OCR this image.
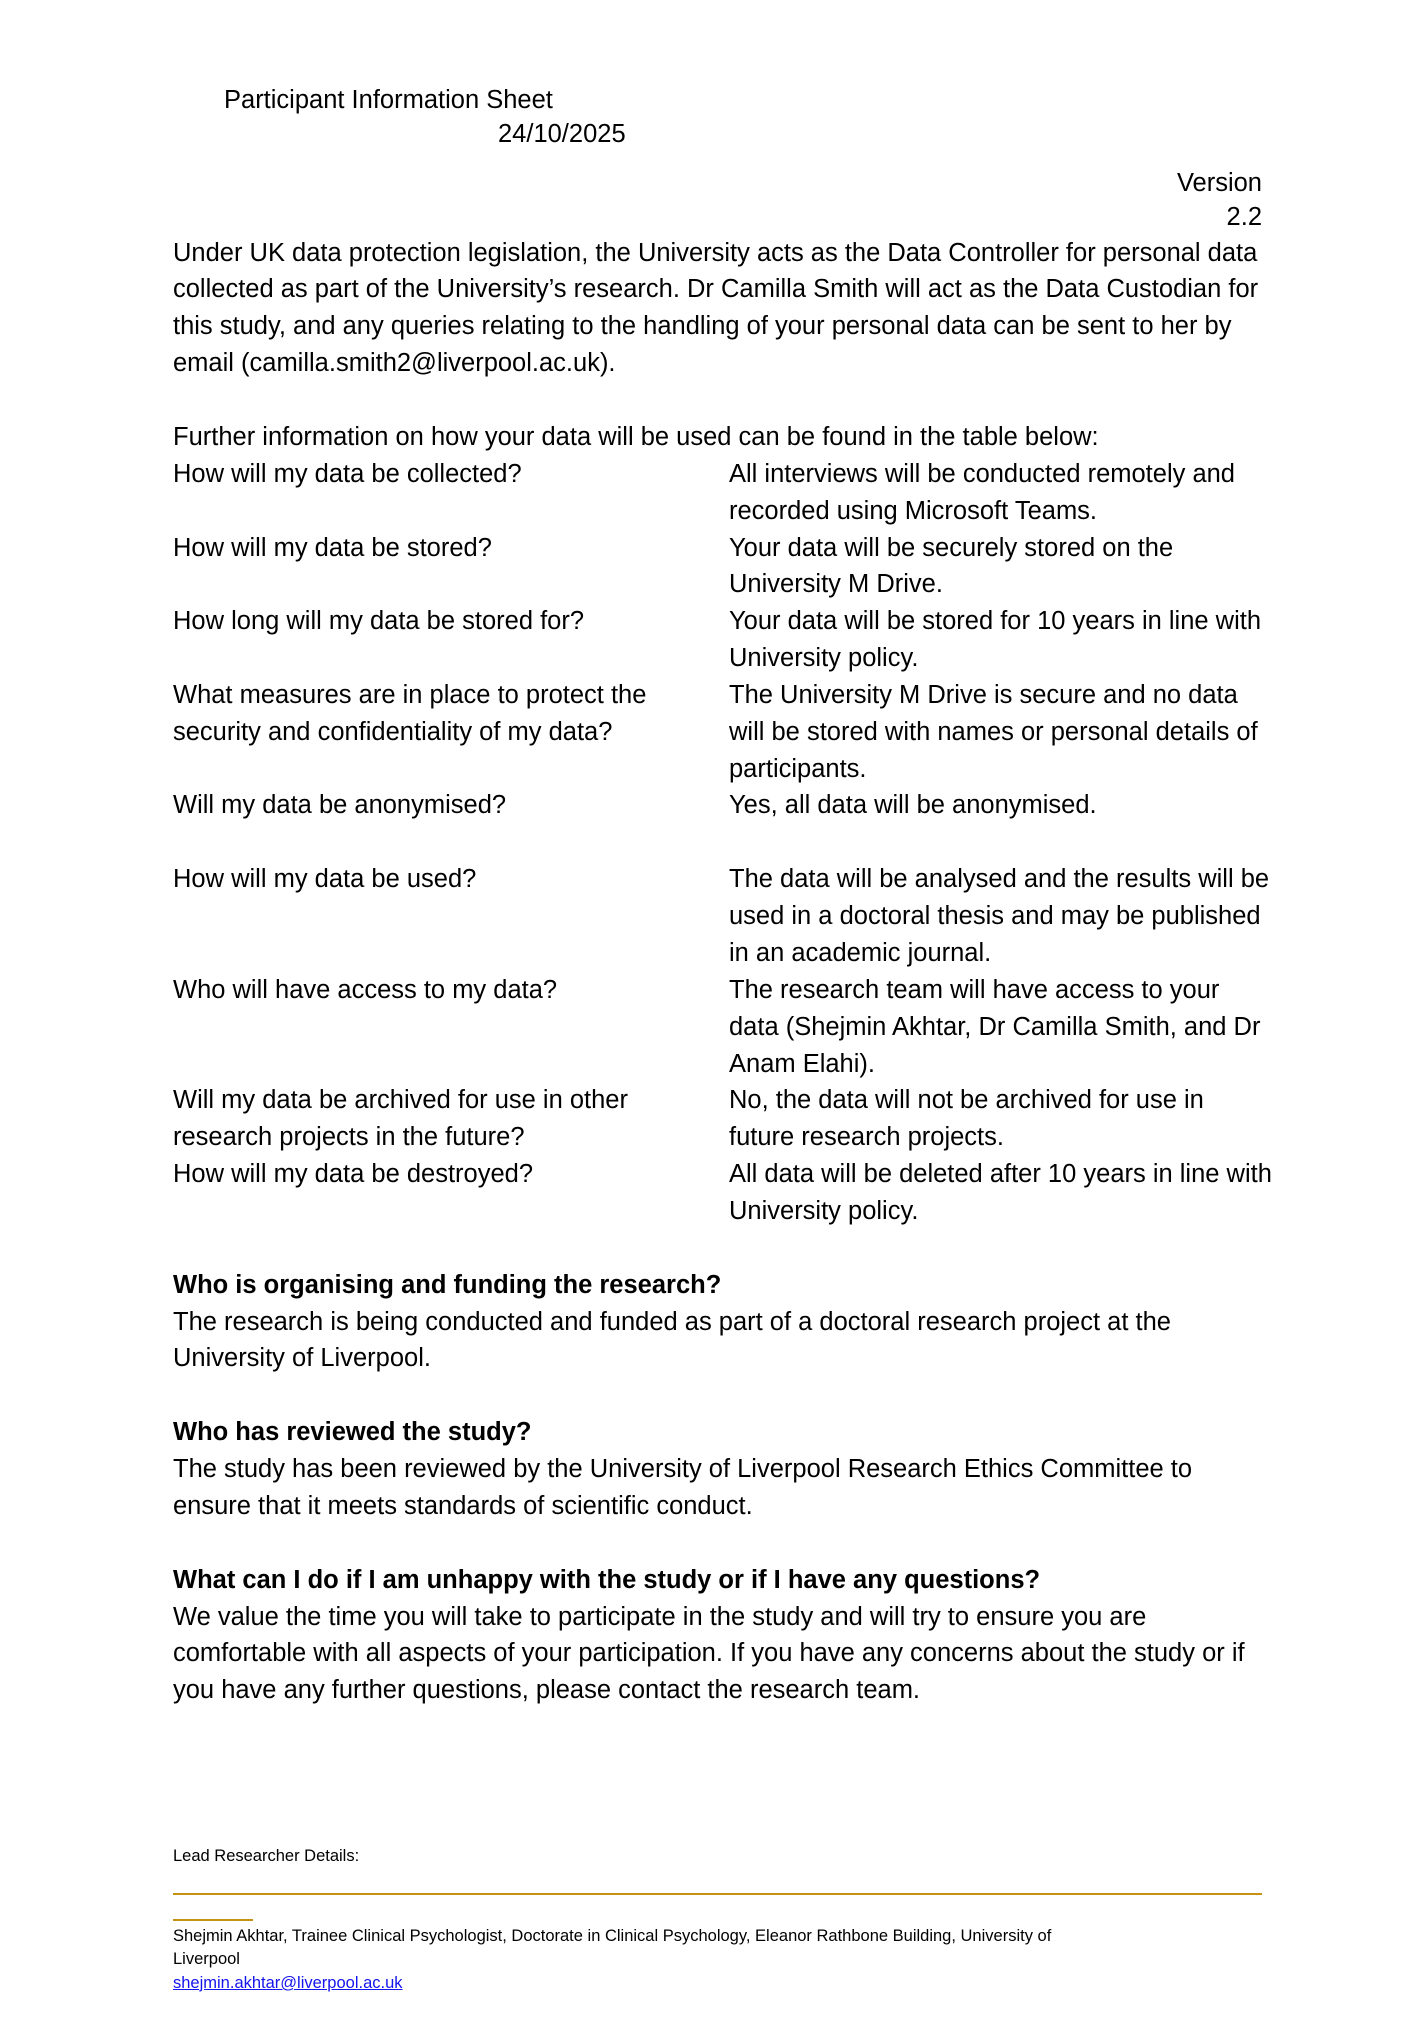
Participant Information Sheet

24/10/2025

Version
2.2

Under UK data protection legislation, the University acts as the Data Controller for personal data collected as part of the University’s research. Dr Camilla Smith will act as the Data Custodian for this study, and any queries relating to the handling of your personal data can be sent to her by email (camilla.smith2@liverpool.ac.uk).

Further information on how your data will be used can be found in the table below:

How will my data be collected?	All interviews will be conducted remotely and recorded using Microsoft Teams.
How will my data be stored?	Your data will be securely stored on the University M Drive.
How long will my data be stored for?	Your data will be stored for 10 years in line with University policy.
What measures are in place to protect the security and confidentiality of my data?	The University M Drive is secure and no data will be stored with names or personal details of participants.
Will my data be anonymised?	Yes, all data will be anonymised.

How will my data be used?	The data will be analysed and the results will be used in a doctoral thesis and may be published in an academic journal.
Who will have access to my data?	The research team will have access to your data (Shejmin Akhtar, Dr Camilla Smith, and Dr Anam Elahi).
Will my data be archived for use in other research projects in the future?	No, the data will not be archived for use in future research projects.
How will my data be destroyed?	All data will be deleted after 10 years in line with University policy.
Who is organising and funding the research?

The research is being conducted and funded as part of a doctoral research project at the University of Liverpool.

Who has reviewed the study?

The study has been reviewed by the University of Liverpool Research Ethics Committee to ensure that it meets standards of scientific conduct.

What can I do if I am unhappy with the study or if I have any questions?

We value the time you will take to participate in the study and will try to ensure you are comfortable with all aspects of your participation. If you have any concerns about the study or if you have any further questions, please contact the research team.

Lead Researcher Details:

Shejmin Akhtar, Trainee Clinical Psychologist, Doctorate in Clinical Psychology, Eleanor Rathbone Building, University of Liverpool

shejmin.akhtar@liverpool.ac.uk
